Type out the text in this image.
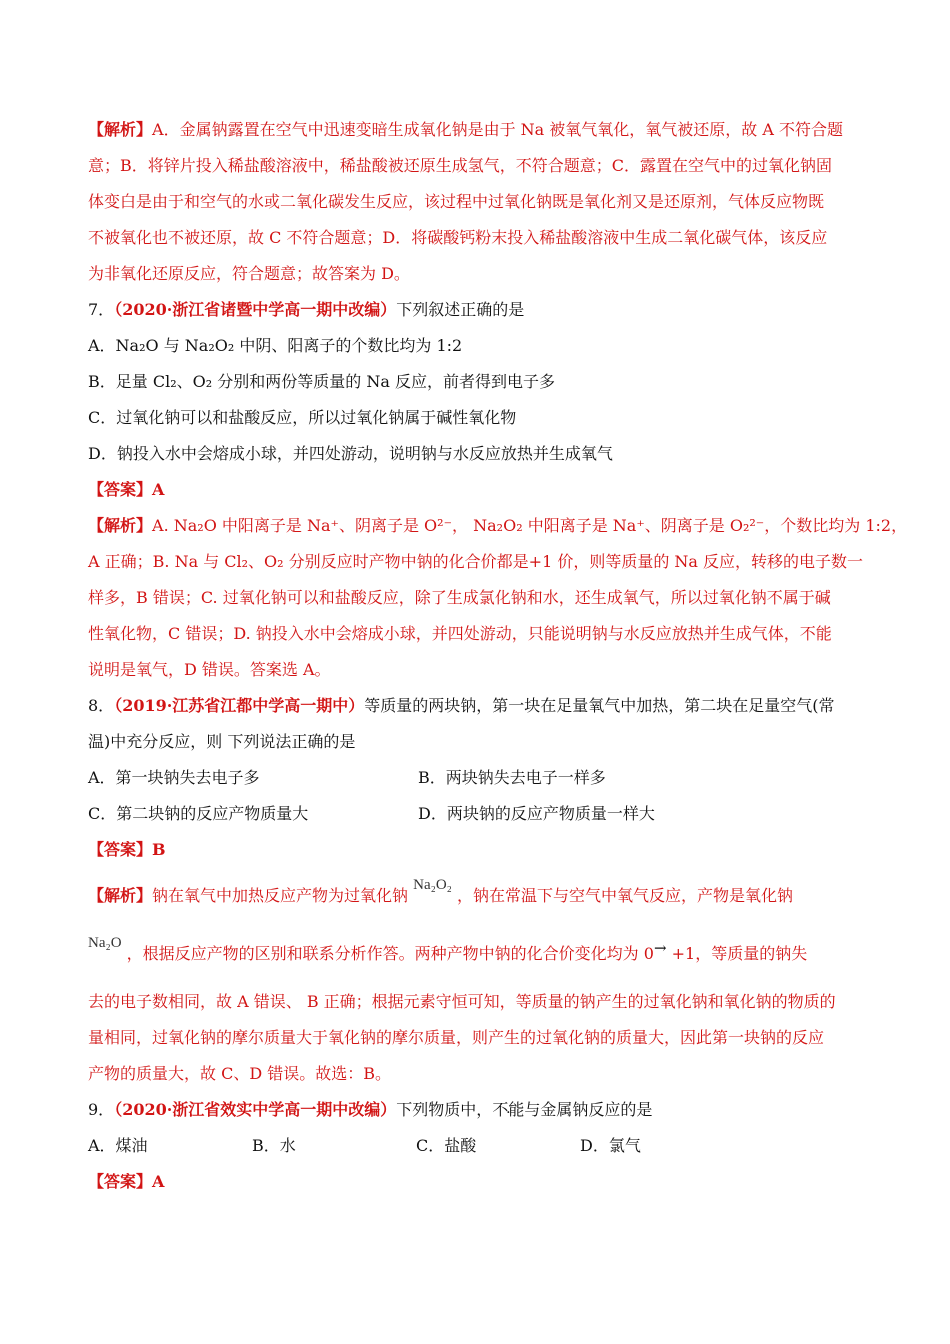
【解析】A．金属钠露置在空气中迅速变暗生成氧化钠是由于 Na 被氧气氧化，氧气被还原，故 A 不符合题
意；B．将锌片投入稀盐酸溶液中，稀盐酸被还原生成氢气，不符合题意；C．露置在空气中的过氧化钠固
体变白是由于和空气的水或二氧化碳发生反应，该过程中过氧化钠既是氧化剂又是还原剂，气体反应物既
不被氧化也不被还原，故 C 不符合题意；D．将碳酸钙粉末投入稀盐酸溶液中生成二氧化碳气体，该反应
为非氧化还原反应，符合题意；故答案为 D。
7．（2020·浙江省诸暨中学高一期中改编）下列叙述正确的是
A．Na₂O 与 Na₂O₂ 中阴、阳离子的个数比均为 1:2
B．足量 Cl₂、O₂ 分别和两份等质量的 Na 反应，前者得到电子多
C．过氧化钠可以和盐酸反应，所以过氧化钠属于碱性氧化物
D．钠投入水中会熔成小球，并四处游动，说明钠与水反应放热并生成氧气
【答案】A
【解析】A. Na₂O 中阳离子是 Na⁺、阴离子是 O²⁻， Na₂O₂ 中阳离子是 Na⁺、阴离子是 O₂²⁻，个数比均为 1:2，
A 正确；B. Na 与 Cl₂、O₂ 分别反应时产物中钠的化合价都是+1 价，则等质量的 Na 反应，转移的电子数一
样多，B 错误；C. 过氧化钠可以和盐酸反应，除了生成氯化钠和水，还生成氧气，所以过氧化钠不属于碱
性氧化物，C 错误；D. 钠投入水中会熔成小球，并四处游动，只能说明钠与水反应放热并生成气体，不能
说明是氧气，D 错误。答案选 A。
8．（2019·江苏省江都中学高一期中）等质量的两块钠，第一块在足量氧气中加热，第二块在足量空气(常
温)中充分反应，则 下列说法正确的是
A．第一块钠失去电子多	B．两块钠失去电子一样多
C．第二块钠的反应产物质量大	D．两块钠的反应产物质量一样大
【答案】B
【解析】钠在氧气中加热反应产物为过氧化钠 Na₂O₂ ，钠在常温下与空气中氧气反应，产物是氧化钠
Na₂O ，根据反应产物的区别和联系分析作答。两种产物中钠的化合价变化均为 0→ +1，等质量的钠失
去的电子数相同，故 A 错误、 B 正确；根据元素守恒可知，等质量的钠产生的过氧化钠和氧化钠的物质的
量相同，过氧化钠的摩尔质量大于氧化钠的摩尔质量，则产生的过氧化钠的质量大，因此第一块钠的反应
产物的质量大，故 C、D 错误。故选：B。
9．（2020·浙江省效实中学高一期中改编）下列物质中，不能 ·与金属钠反应的是
A．煤油	B．水	C．盐酸	D．氯气
【答案】A
